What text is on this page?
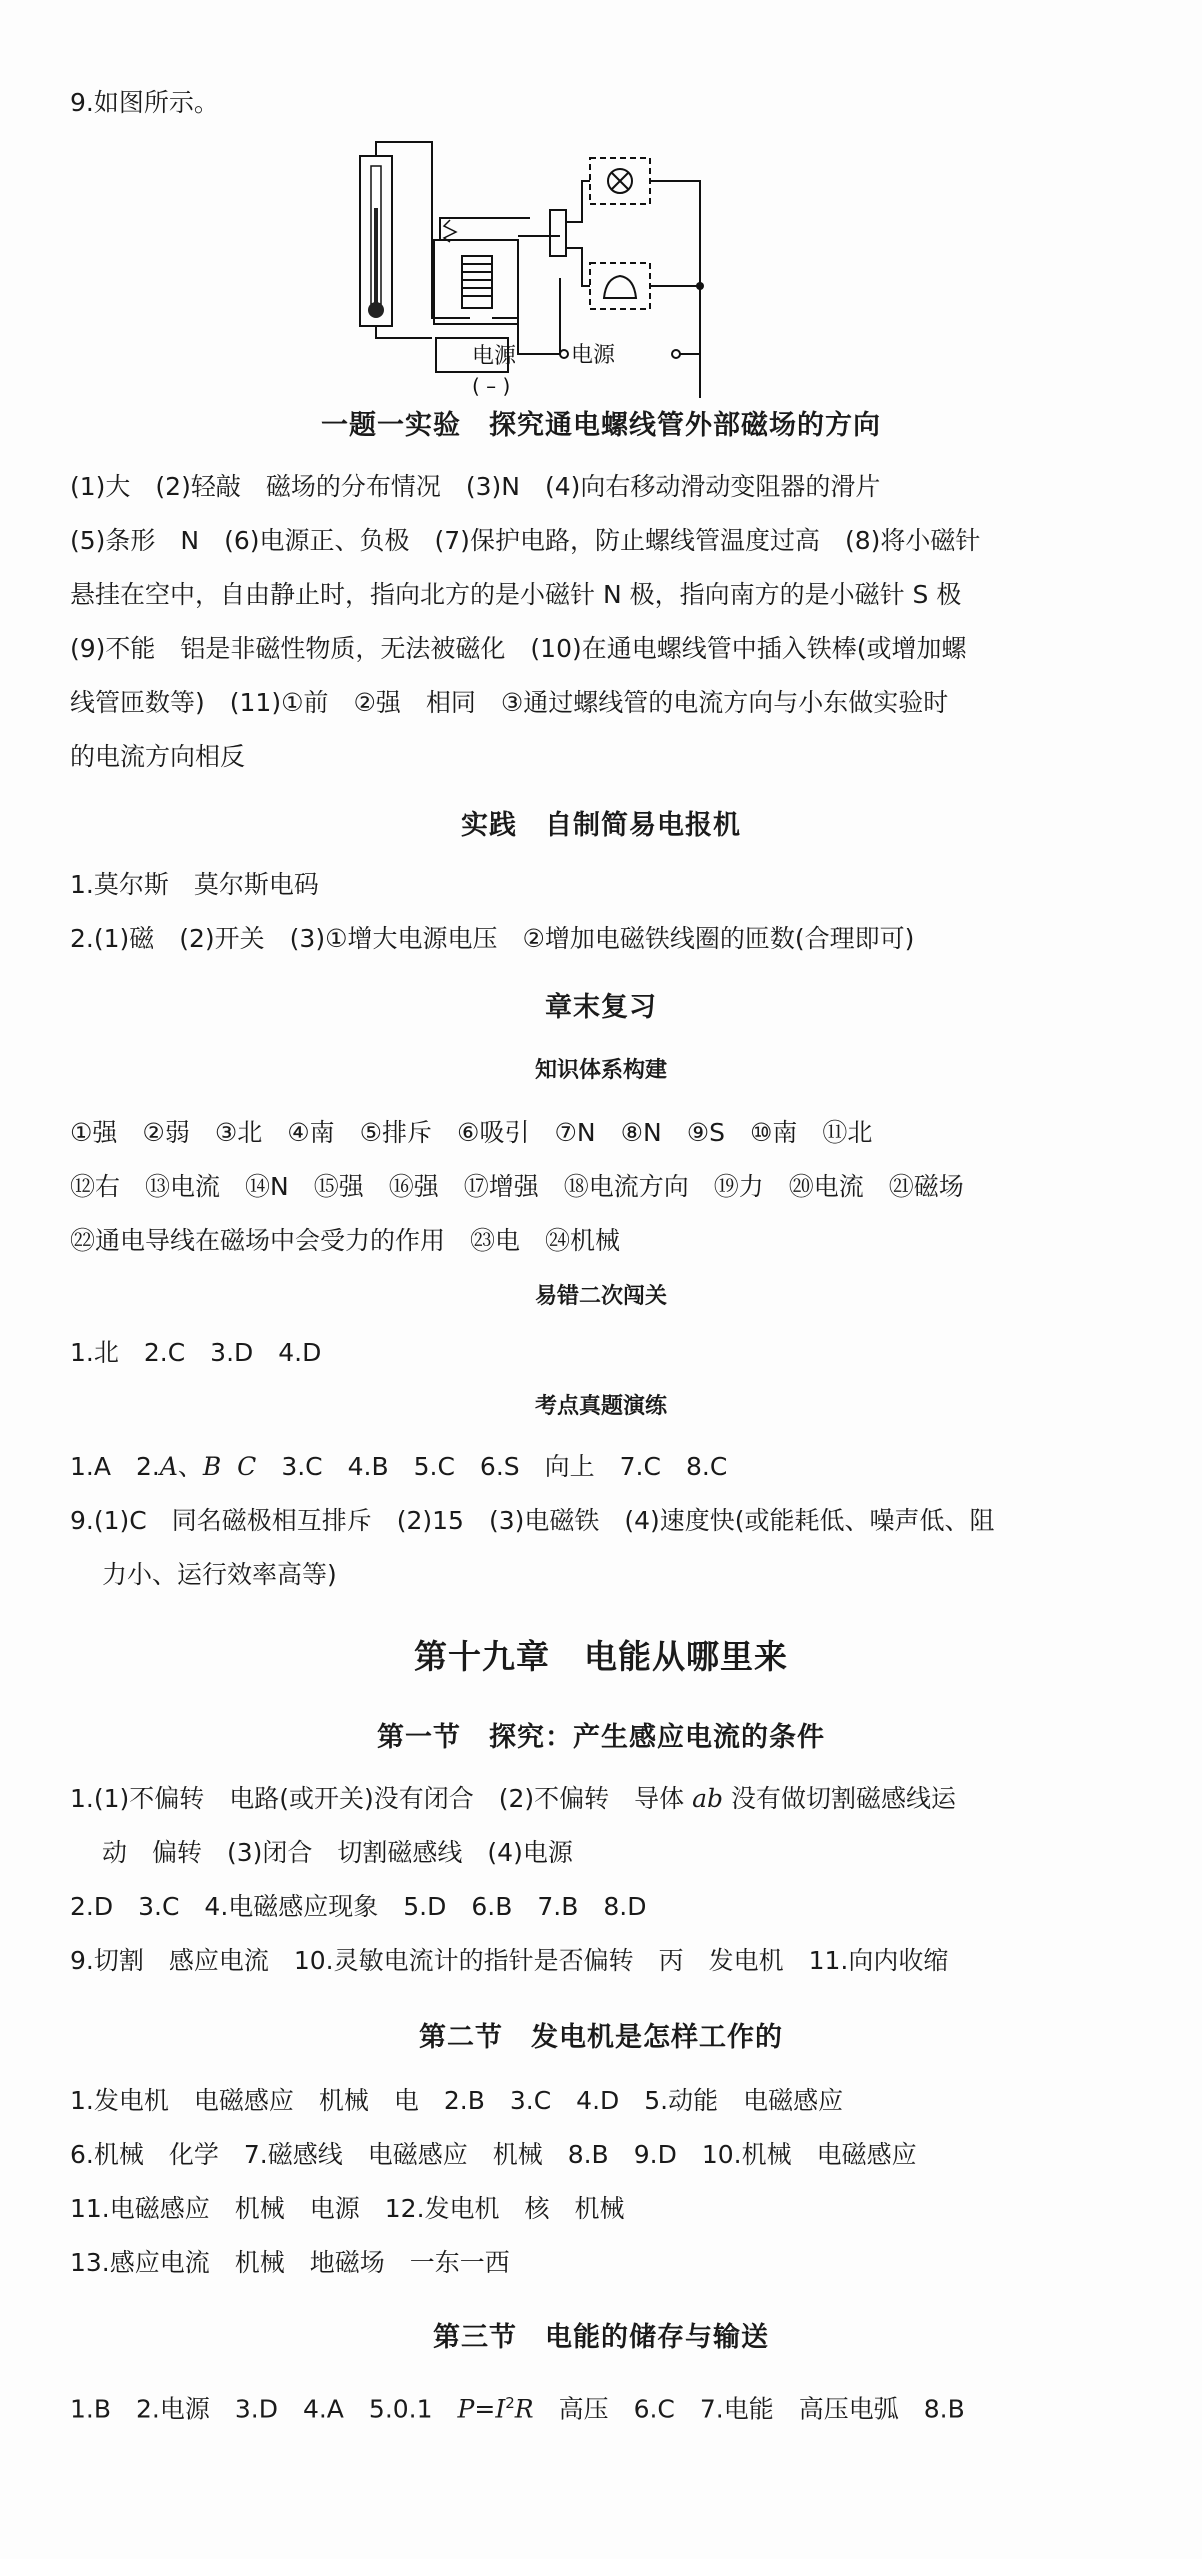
9.如图所示。
电源
( – )
电源
一题一实验　探究通电螺线管外部磁场的方向
(1)大　(2)轻敲　磁场的分布情况　(3)N　(4)向右移动滑动变阻器的滑片
(5)条形　N　(6)电源正、负极　(7)保护电路，防止螺线管温度过高　(8)将小磁针
悬挂在空中，自由静止时，指向北方的是小磁针 N 极，指向南方的是小磁针 S 极
(9)不能　铝是非磁性物质，无法被磁化　(10)在通电螺线管中插入铁棒(或增加螺
线管匝数等)　(11)①前　②强　相同　③通过螺线管的电流方向与小东做实验时
的电流方向相反
实践　自制简易电报机
1.莫尔斯　莫尔斯电码
2.(1)磁　(2)开关　(3)①增大电源电压　②增加电磁铁线圈的匝数(合理即可)
章末复习
知识体系构建
①强　②弱　③北　④南　⑤排斥　⑥吸引　⑦N　⑧N　⑨S　⑩南　⑪北
⑫右　⑬电流　⑭N　⑮强　⑯强　⑰增强　⑱电流方向　⑲力　⑳电流　㉑磁场
㉒通电导线在磁场中会受力的作用　㉓电　㉔机械
易错二次闯关
1.北　2.C　3.D　4.D
考点真题演练
1.A　2.A、B C　3.C　4.B　5.C　6.S　向上　7.C　8.C
9.(1)C　同名磁极相互排斥　(2)15　(3)电磁铁　(4)速度快(或能耗低、噪声低、阻
力小、运行效率高等)
第十九章　电能从哪里来
第一节　探究：产生感应电流的条件
1.(1)不偏转　电路(或开关)没有闭合　(2)不偏转　导体 ab 没有做切割磁感线运
动　偏转　(3)闭合　切割磁感线　(4)电源
2.D　3.C　4.电磁感应现象　5.D　6.B　7.B　8.D
9.切割　感应电流　10.灵敏电流计的指针是否偏转　丙　发电机　11.向内收缩
第二节　发电机是怎样工作的
1.发电机　电磁感应　机械　电　2.B　3.C　4.D　5.动能　电磁感应
6.机械　化学　7.磁感线　电磁感应　机械　8.B　9.D　10.机械　电磁感应
11.电磁感应　机械　电源　12.发电机　核　机械
13.感应电流　机械　地磁场　一东一西
第三节　电能的储存与输送
1.B　2.电源　3.D　4.A　5.0.1　$P=I^2R$　高压　6.C　7.电能　高压电弧　8.B
